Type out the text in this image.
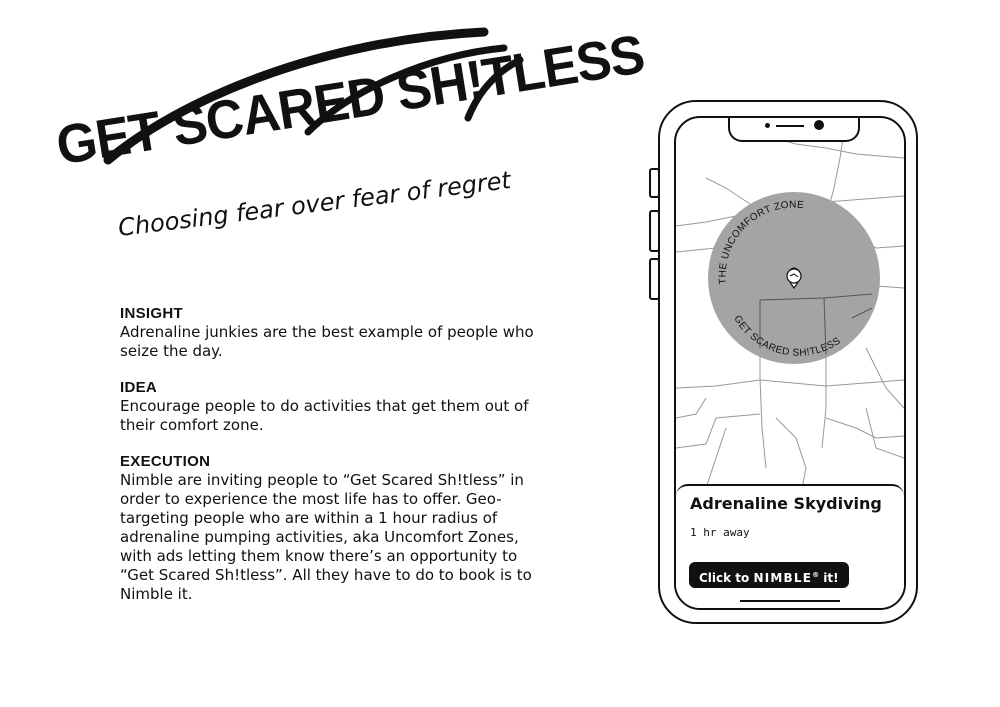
GET SCARED SH!TLESS
Choosing fear over fear of regret
INSIGHT

Adrenaline junkies are the best example of people who seize the day.

IDEA

Encourage people to do activities that get them out of their comfort zone.

EXECUTION

Nimble are inviting people to “Get Scared Sh!tless” in order to experience the most life has to offer. Geo-targeting people who are within a 1 hour radius of adrenaline pumping activities, aka Uncomfort Zones, with ads letting them know there’s an opportunity to “Get Scared Sh!tless”. All they have to do to book is to Nimble it.

THE UNCOMFORT ZONE
GET SCARED SH!TLESS
Adrenaline Skydiving
1 hr away
Click to NIMBLE® it!
